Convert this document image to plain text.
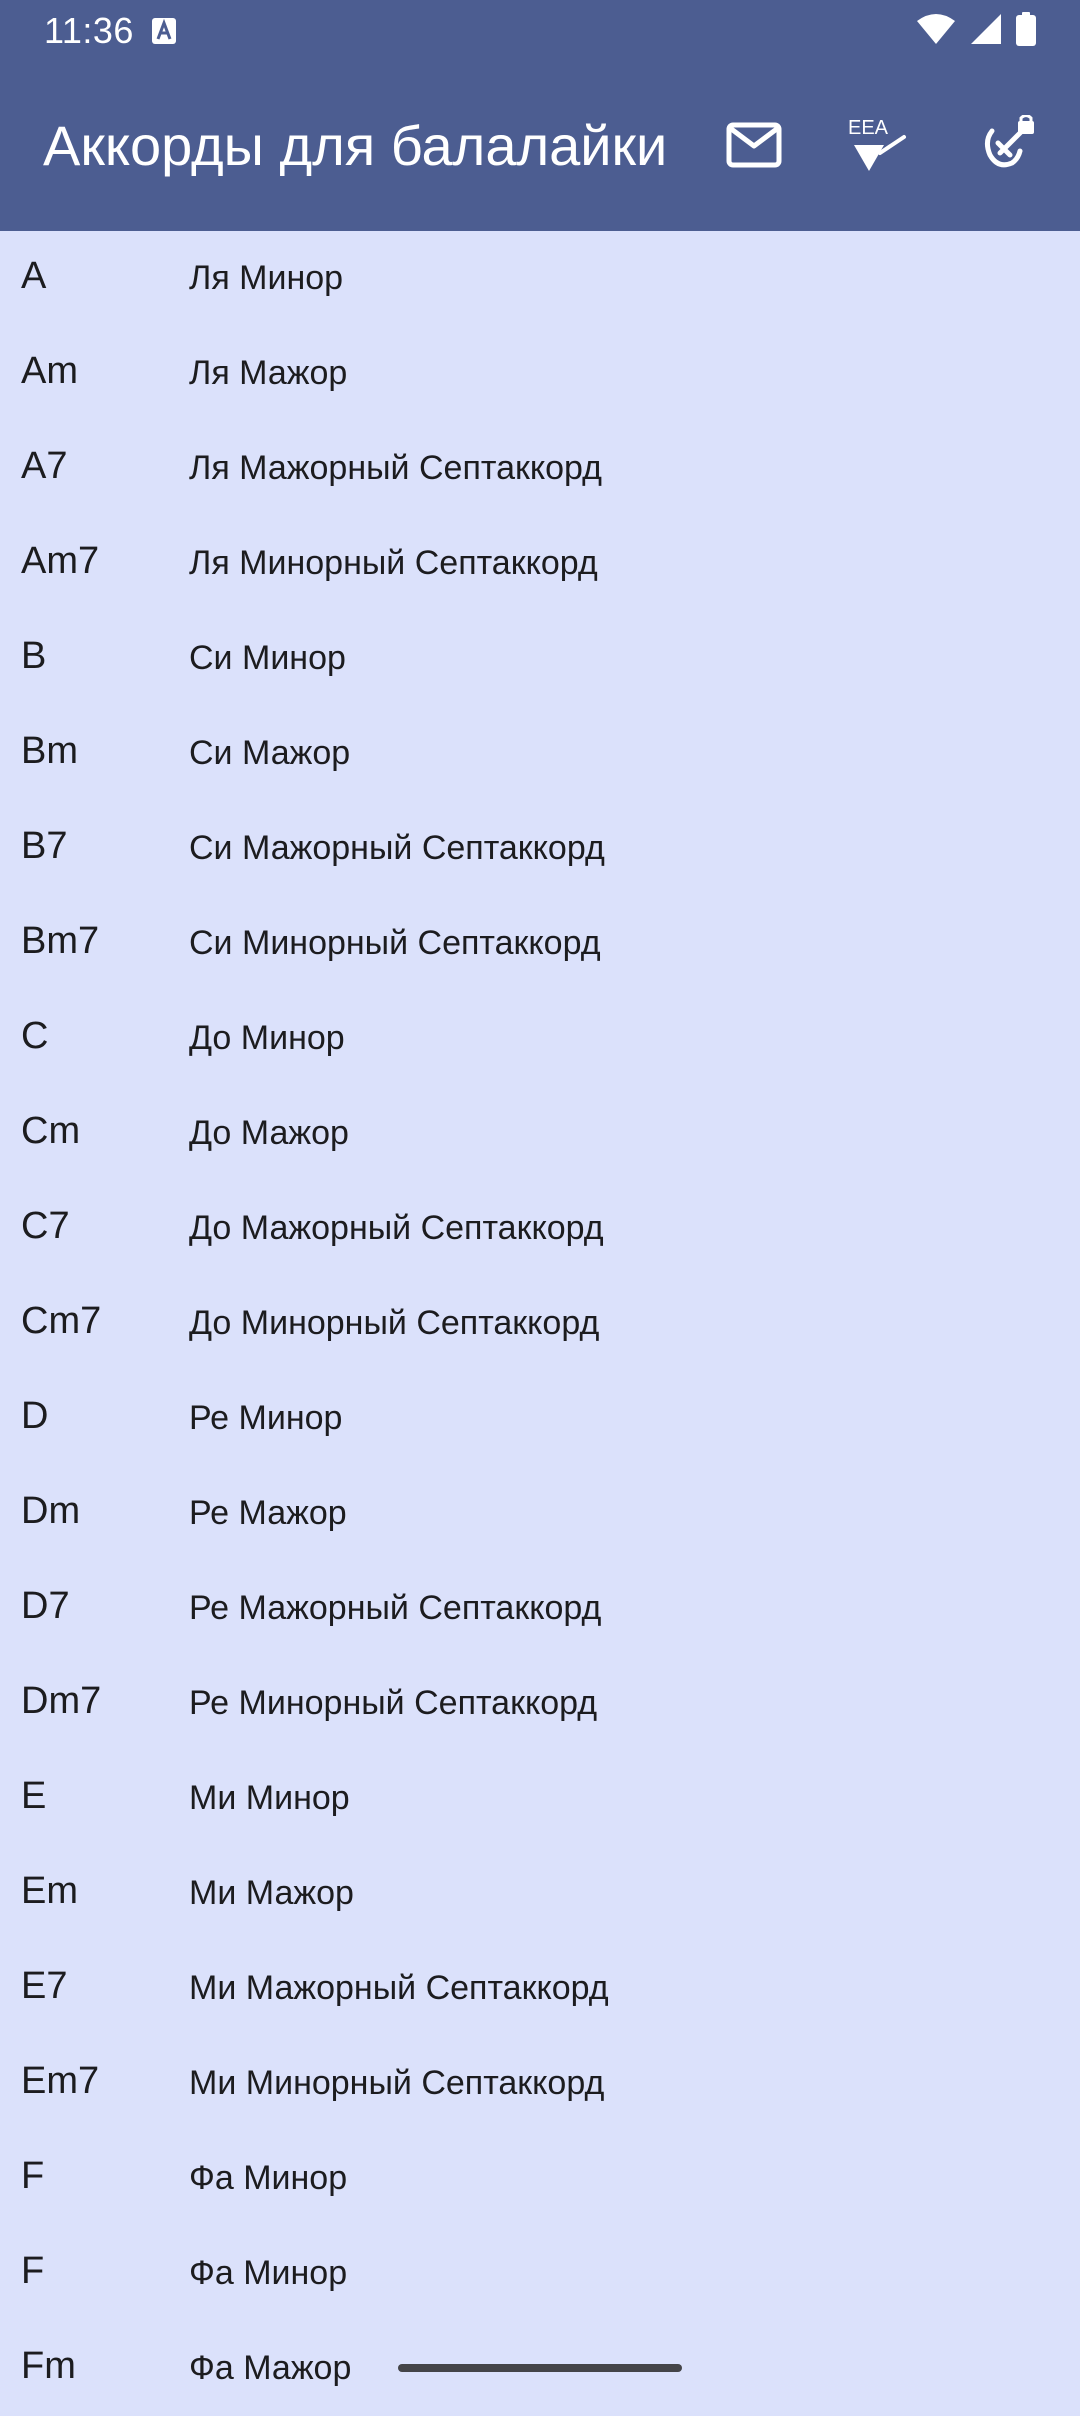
11:36
Аккорды для балалайки	EEA
A	Ля Минор
Am	Ля Мажор
A7	Ля Мажорный Септаккорд
Am7	Ля Минорный Септаккорд
B	Си Минор
Bm	Си Мажор
B7	Си Мажорный Септаккорд
Bm7	Си Минорный Септаккорд
C	До Минор
Cm	До Мажор
C7	До Мажорный Септаккорд
Cm7	До Минорный Септаккорд
D	Ре Минор
Dm	Ре Мажор
D7	Ре Мажорный Септаккорд
Dm7	Ре Минорный Септаккорд
E	Ми Минор
Em	Ми Мажор
E7	Ми Мажорный Септаккорд
Em7	Ми Минорный Септаккорд
F	Фа Минор
F	Фа Минор
Fm	Фа Мажор
